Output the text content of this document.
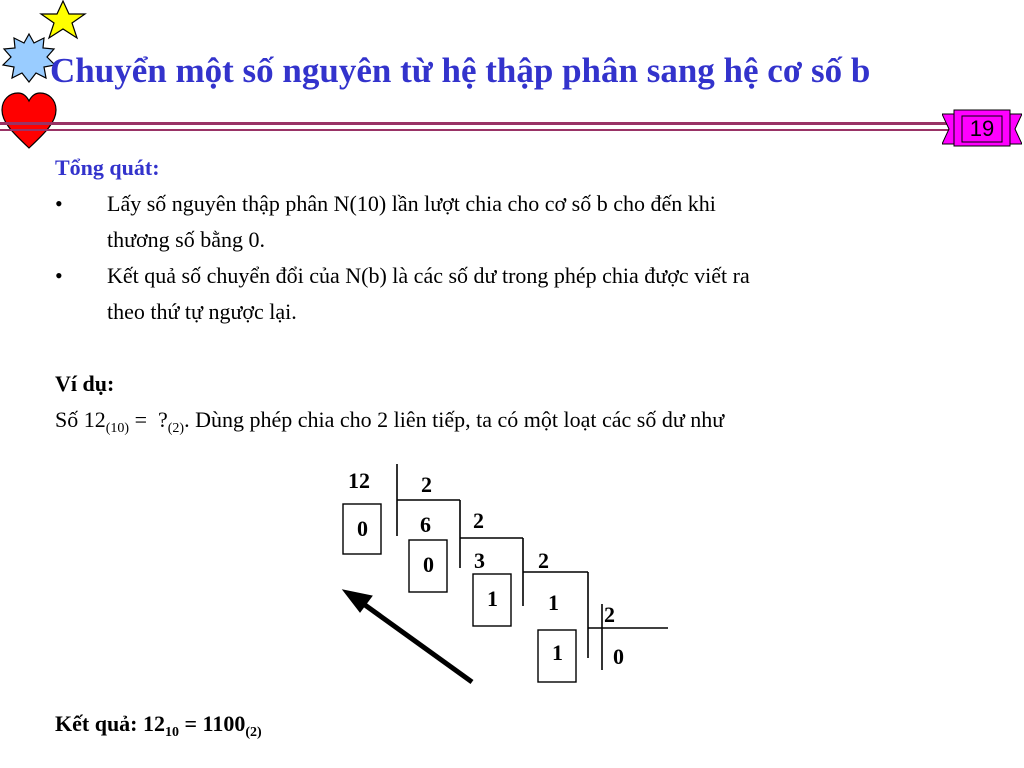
Chuyển một số nguyên từ hệ thập phân sang hệ cơ số b
19

Tổng quát:

• Lấy số nguyên thập phân N(10) lần lượt chia cho cơ số b cho đến khi

thương số bằng 0.

• Kết quả số chuyển đổi của N(b) là các số dư trong phép chia được viết ra

theo thứ tự ngược lại.

Ví dụ:

Số $12_{(10)}$ =  $?_{(2)}$. Dùng phép chia cho 2 liên tiếp, ta có một loạt các số dư như

12
6
3
1
0
2
2
2
2
0
0
1
1
Kết quả: $12_{10} = 1100_{(2)}$
